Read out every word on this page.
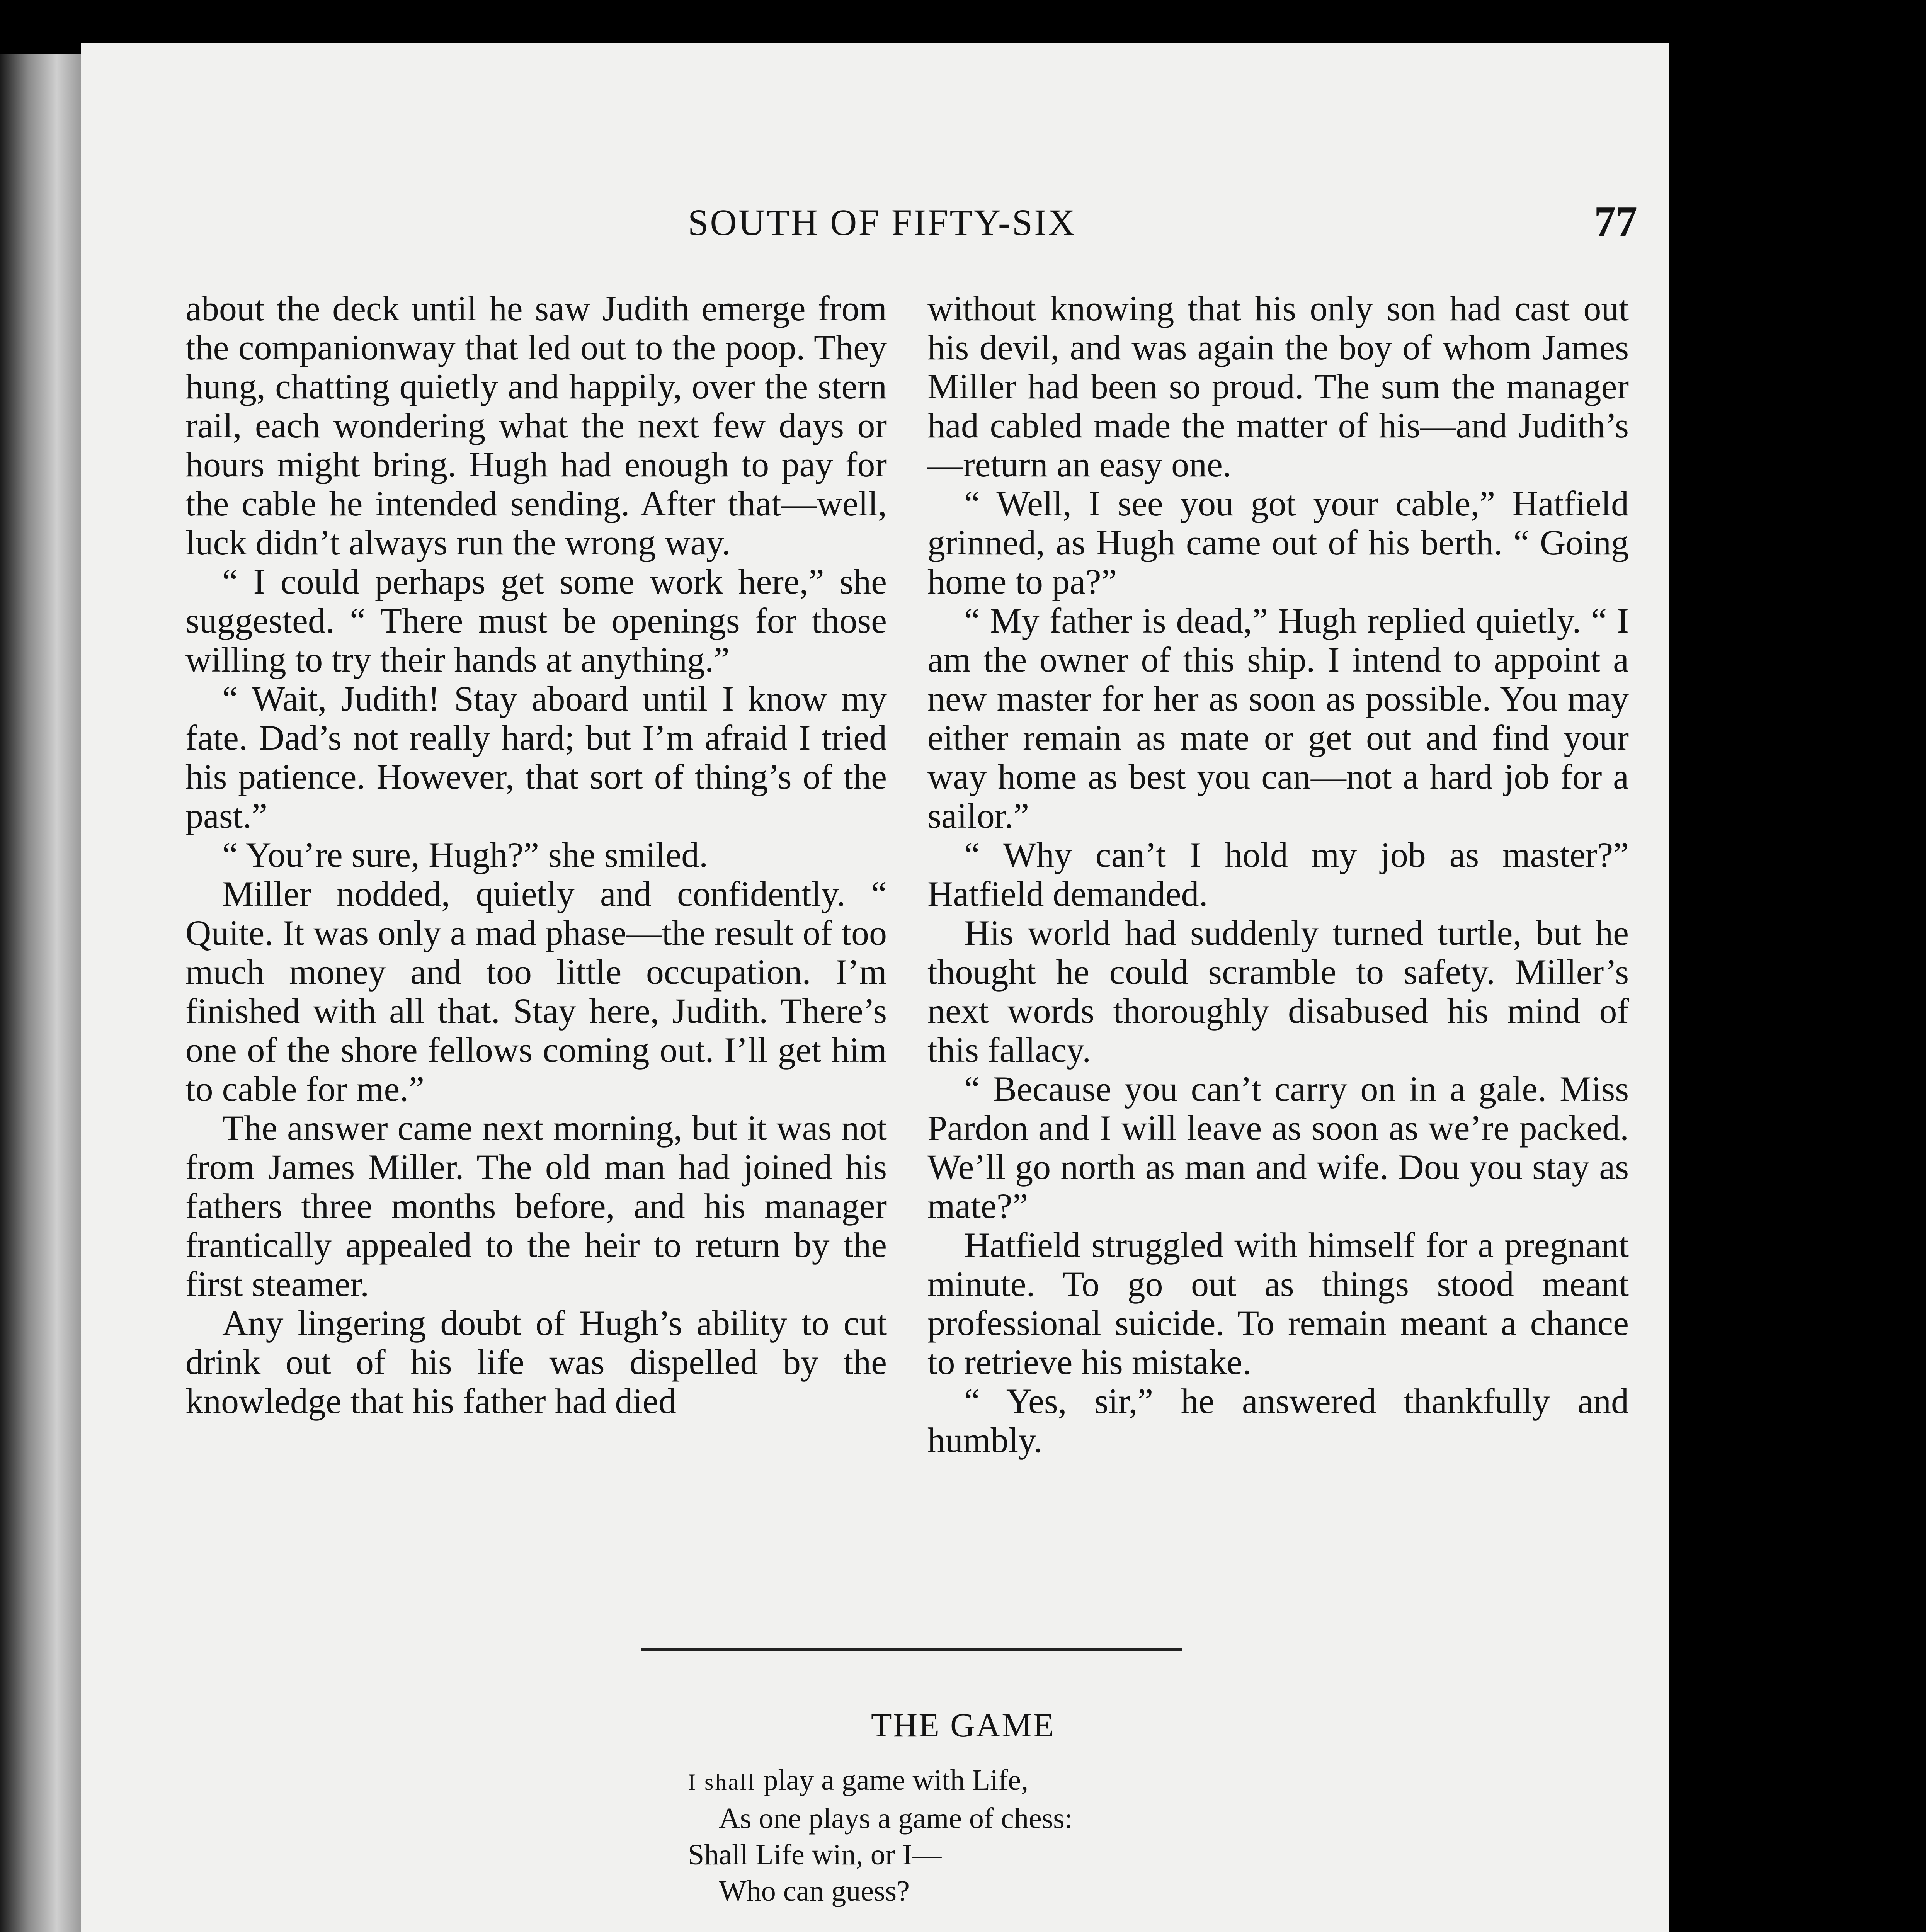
SOUTH OF FIFTY-SIX	77

about the deck until he saw Judith emerge from the companionway that led out to the poop. They hung, chatting quietly and happily, over the stern rail, each wondering what the next few days or hours might bring. Hugh had enough to pay for the cable he intended sending. After that—well, luck didn’t always run the wrong way.

“ I could perhaps get some work here,” she suggested. “ There must be openings for those willing to try their hands at anything.”

“ Wait, Judith! Stay aboard until I know my fate. Dad’s not really hard; but I’m afraid I tried his patience. However, that sort of thing’s of the past.”

“ You’re sure, Hugh?” she smiled.

Miller nodded, quietly and confidently. “ Quite. It was only a mad phase—the result of too much money and too little occupation. I’m finished with all that. Stay here, Judith. There’s one of the shore fellows coming out. I’ll get him to cable for me.”

The answer came next morning, but it was not from James Miller. The old man had joined his fathers three months before, and his manager frantically appealed to the heir to return by the first steamer.

Any lingering doubt of Hugh’s ability to cut drink out of his life was dispelled by the knowledge that his father had died

without knowing that his only son had cast out his devil, and was again the boy of whom James Miller had been so proud. The sum the manager had cabled made the matter of his—and Judith’s—return an easy one.

“ Well, I see you got your cable,” Hatfield grinned, as Hugh came out of his berth. “ Going home to pa?”

“ My father is dead,” Hugh replied quietly. “ I am the owner of this ship. I intend to appoint a new master for her as soon as possible. You may either remain as mate or get out and find your way home as best you can—not a hard job for a sailor.”

“ Why can’t I hold my job as master?” Hatfield demanded.

His world had suddenly turned turtle, but he thought he could scramble to safety. Miller’s next words thoroughly disabused his mind of this fallacy.

“ Because you can’t carry on in a gale. Miss Pardon and I will leave as soon as we’re packed. We’ll go north as man and wife. Dou you stay as mate?”

Hatfield struggled with himself for a pregnant minute. To go out as things stood meant professional suicide. To remain meant a chance to retrieve his mistake.

“ Yes, sir,” he answered thankfully and humbly.

THE GAME
I shall play a game with Life,
As one plays a game of chess:
Shall Life win, or I—
Who can guess?
